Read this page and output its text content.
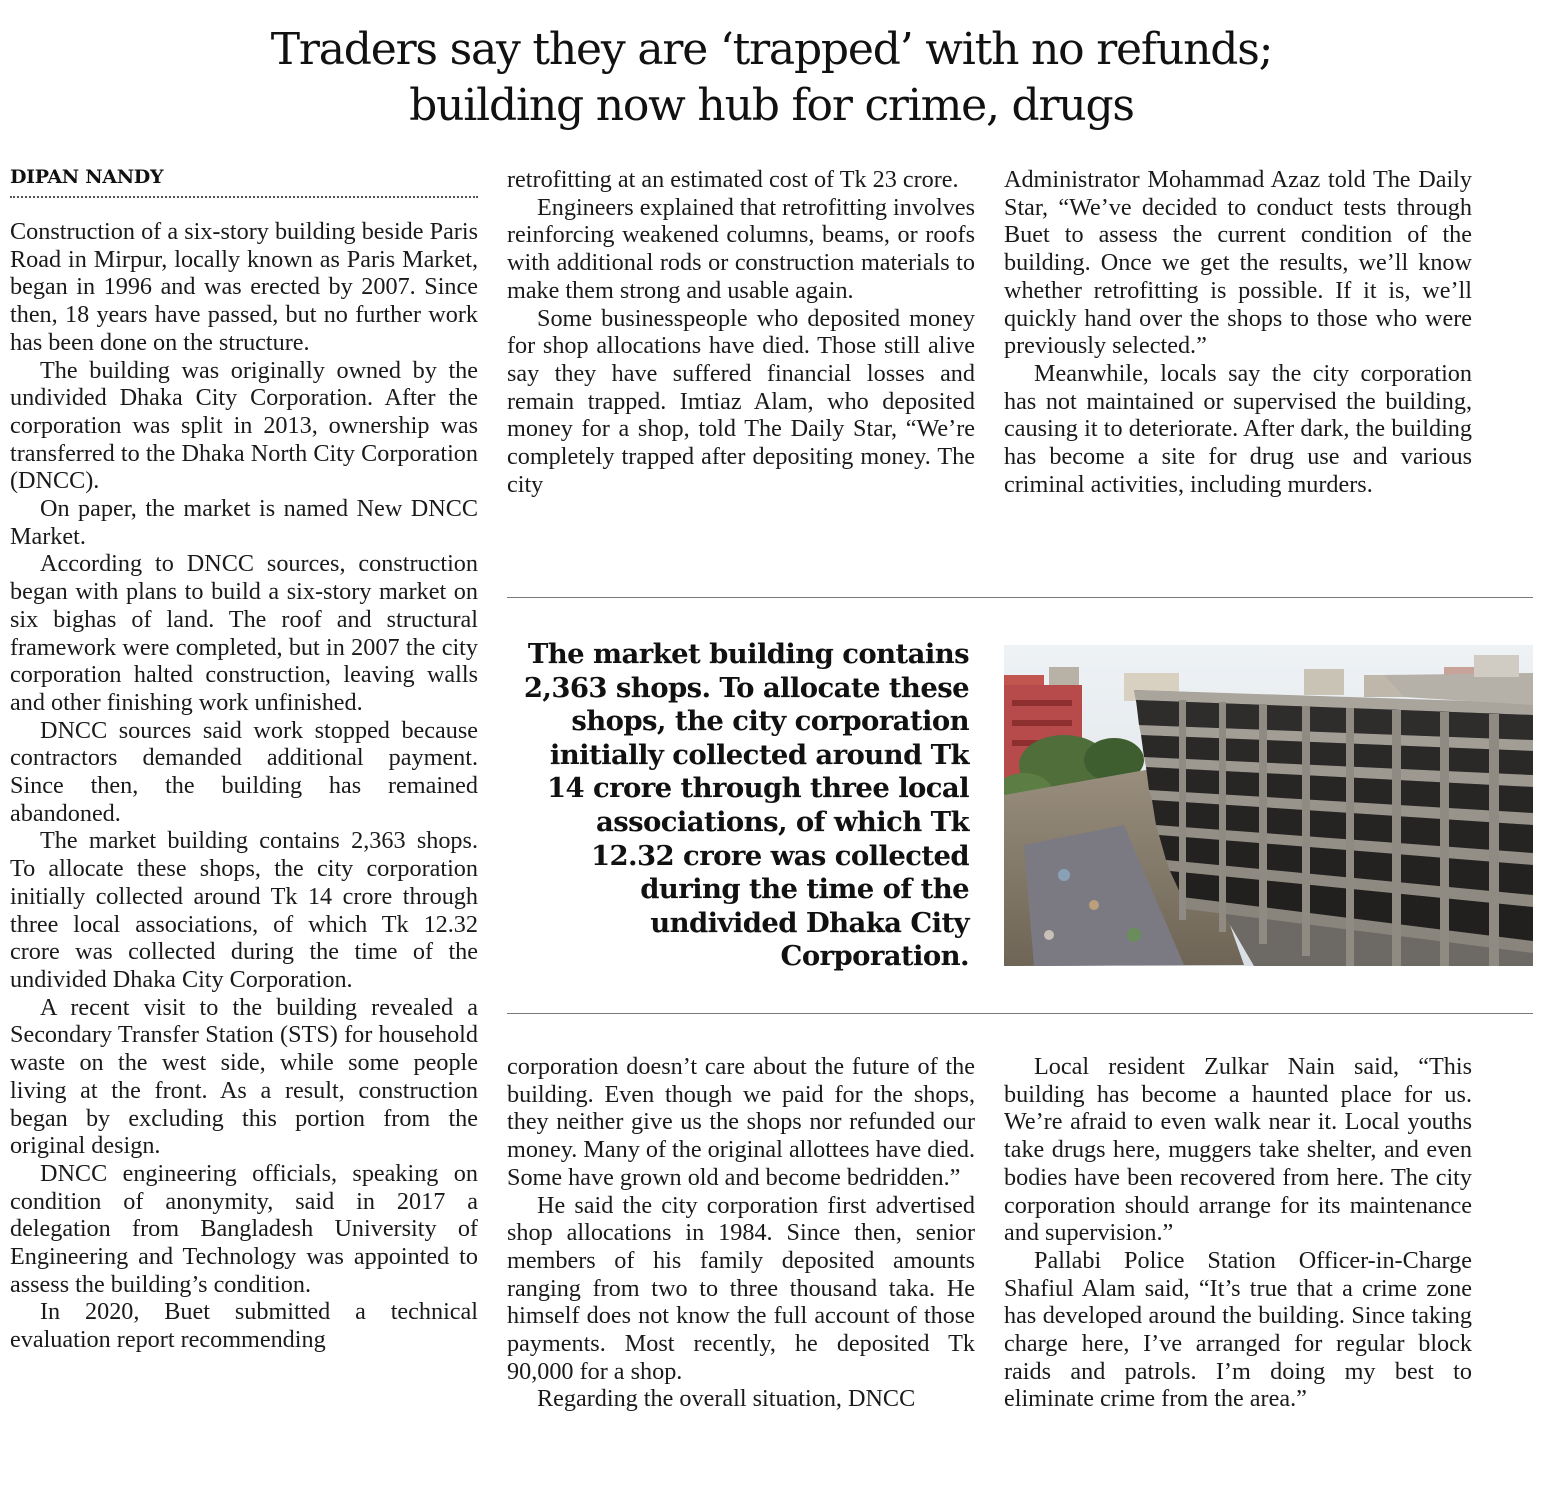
Traders say they are ‘trapped’ with no refunds;
building now hub for crime, drugs
DIPAN NANDY

Construction of a six-story building beside Paris Road in Mirpur, locally known as Paris Market, began in 1996 and was erected by 2007. Since then, 18 years have passed, but no further work has been done on the structure.

The building was originally owned by the undivided Dhaka City Corporation. After the corporation was split in 2013, ownership was transferred to the Dhaka North City Corporation (DNCC).

On paper, the market is named New DNCC Market.

According to DNCC sources, construction began with plans to build a six-story market on six bighas of land. The roof and structural framework were completed, but in 2007 the city corporation halted construction, leaving walls and other finishing work unfinished.

DNCC sources said work stopped because contractors demanded additional payment. Since then, the building has remained abandoned.

The market building contains 2,363 shops. To allocate these shops, the city corporation initially collected around Tk 14 crore through three local associations, of which Tk 12.32 crore was collected during the time of the undivided Dhaka City Corporation.

A recent visit to the building revealed a Secondary Transfer Station (STS) for household waste on the west side, while some people living at the front. As a result, construction began by excluding this portion from the original design.

DNCC engineering officials, speaking on condition of anonymity, said in 2017 a delegation from Bangladesh University of Engineering and Technology was appointed to assess the building’s condition.

In 2020, Buet submitted a technical evaluation report recommending

retrofitting at an estimated cost of Tk 23 crore.

Engineers explained that retrofitting involves reinforcing weakened columns, beams, or roofs with additional rods or construction materials to make them strong and usable again.

Some businesspeople who deposited money for shop allocations have died. Those still alive say they have suffered financial losses and remain trapped. Imtiaz Alam, who deposited money for a shop, told The Daily Star, “We’re completely trapped after depositing money. The city

Administrator Mohammad Azaz told The Daily Star, “We’ve decided to conduct tests through Buet to assess the current condition of the building. Once we get the results, we’ll know whether retrofitting is possible. If it is, we’ll quickly hand over the shops to those who were previously selected.”

Meanwhile, locals say the city corporation has not maintained or supervised the building, causing it to deteriorate. After dark, the building has become a site for drug use and various criminal activities, including murders.

The market building contains 2,363 shops. To allocate these shops, the city corporation initially collected around Tk 14 crore through three local associations, of which Tk 12.32 crore was collected during the time of the undivided Dhaka City Corporation.

corporation doesn’t care about the future of the building. Even though we paid for the shops, they neither give us the shops nor refunded our money. Many of the original allottees have died. Some have grown old and become bedridden.”

He said the city corporation first advertised shop allocations in 1984. Since then, senior members of his family deposited amounts ranging from two to three thousand taka. He himself does not know the full account of those payments. Most recently, he deposited Tk 90,000 for a shop.

Regarding the overall situation, DNCC

Local resident Zulkar Nain said, “This building has become a haunted place for us. We’re afraid to even walk near it. Local youths take drugs here, muggers take shelter, and even bodies have been recovered from here. The city corporation should arrange for its maintenance and supervision.”

Pallabi Police Station Officer-in-Charge Shafiul Alam said, “It’s true that a crime zone has developed around the building. Since taking charge here, I’ve arranged for regular block raids and patrols. I’m doing my best to eliminate crime from the area.”
